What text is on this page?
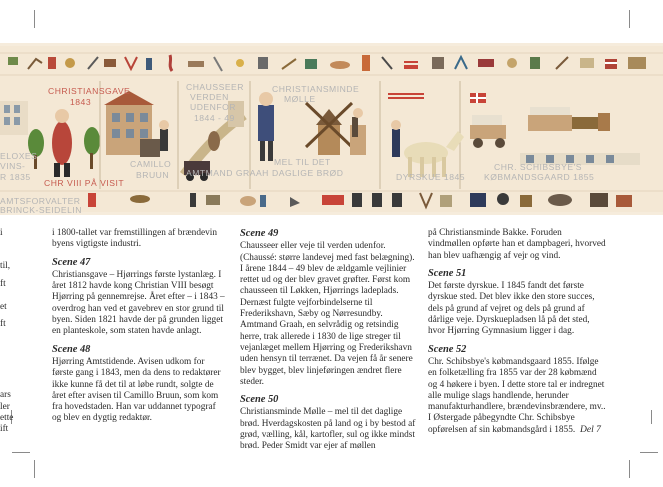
CHRISTIANSGAVE
1843
CHR VIII PÅ VISIT
ELOXES
VINS-
R 1835
AMTSFORVALTER
BRINCK-SEIDELIN
CAMILLO
BRUUN
CHAUSSEER
VERDEN
UDENFOR
1844 - 49
AMTMAND GRAAH
CHRISTIANSMINDE
MØLLE
MEL TIL DET
DAGLIGE BRØD	DYRSKUE 1845
CHR. SCHIBSBYE'S
KØBMANDSGAARD 1855
i
til,
ft
et
ft
ars
ler
ette
ift

i 1800-tallet var fremstillingen af brændevin byens vigtigste industri.

Scene 47

Christiansgave – Hjørrings første lystanlæg. I året 1812 havde kong Christian VIII besøgt Hjørring på gennemrejse. Året efter – i 1843 – overdrog han ved et gavebrev en stor grund til byen. Siden 1821 havde der på grunden ligget en planteskole, som staten havde anlagt.

Scene 48

Hjørring Amtstidende. Avisen udkom for første gang i 1843, men da dens to redaktører ikke kunne få det til at løbe rundt, solgte de året efter avisen til Camillo Bruun, som kom fra hovedstaden. Han var uddannet typograf og blev en dygtig redaktør.

Scene 49

Chausseer eller veje til verden udenfor. (Chaussé: større landevej med fast belægning). I årene 1844 – 49 blev de ældgamle vejlinier rettet ud og der blev gravet grøfter. Først kom chausseen til Løkken, Hjørrings ladeplads. Dernæst fulgte vejforbindelserne til Frederikshavn, Sæby og Nørresundby. Amtmand Graah, en selvrådig og retsindig herre, trak allerede i 1830 de lige streger til vejanlæget mellem Hjørring og Frederikshavn uden hensyn til terrænet. Da vejen få år senere blev bygget, blev linjeføringen ændret flere steder.

Scene 50

Christiansminde Mølle – mel til det daglige brød. Hverdagskosten på land og i by bestod af grød, vælling, kål, kartofler, sul og ikke mindst brød. Peder Smidt var ejer af møllen

på Christiansminde Bakke. Foruden vindmøllen opførte han et dampbageri, hvorved han blev uafhængig af vejr og vind.

Scene 51

Det første dyrskue. I 1845 fandt det første dyrskue sted. Det blev ikke den store succes, dels på grund af vejret og dels på grund af dårlige veje. Dyrskuepladsen lå på det sted, hvor Hjørring Gymnasium ligger i dag.

Scene 52

Chr. Schibsbye's købmandsgaard 1855. Ifølge en folketælling fra 1855 var der 28 købmænd og 4 høkere i byen. I dette store tal er indregnet alle mulige slags handlende, herunder manufakturhandlere, brændevinsbrændere, mv.. I Østergade påbegyndte Chr. Schibsbye opførelsen af sin købmandsgård i 1855. Del 7
